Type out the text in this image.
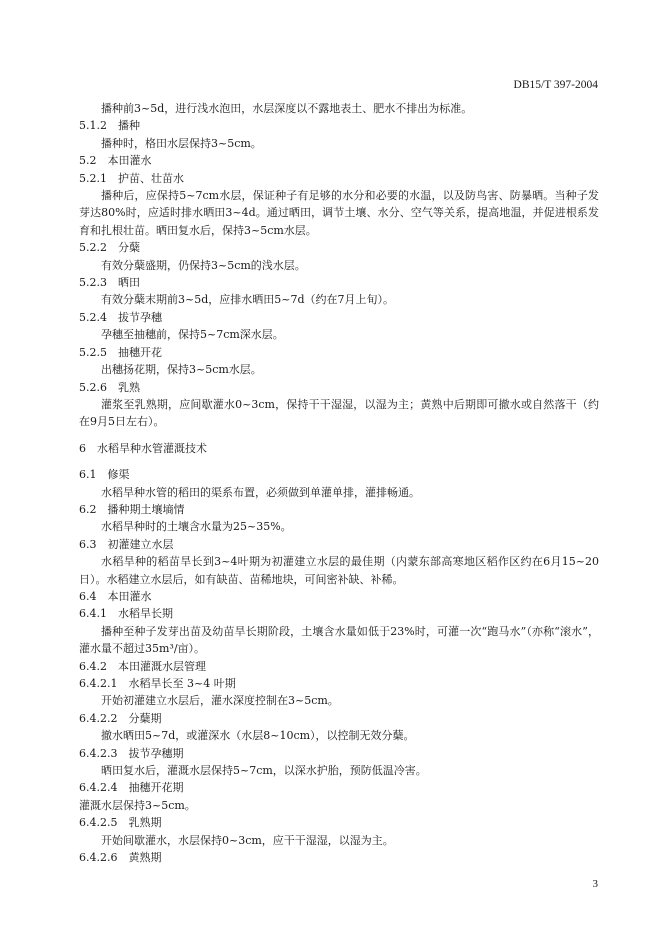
DB15/T 397-2004
播种前3~5d，进行浅水泡田，水层深度以不露地表土、肥水不排出为标准。
5.1.2　播种
播种时，格田水层保持3~5cm。
5.2　本田灌水
5.2.1　护苗、壮苗水
播种后，应保持5~7cm水层，保证种子有足够的水分和必要的水温，以及防鸟害、防暴晒。当种子发芽达80%时，应适时排水晒田3~4d。通过晒田，调节土壤、水分、空气等关系，提高地温，并促进根系发育和扎根壮苗。晒田复水后，保持3~5cm水层。
5.2.2　分蘖
有效分蘖盛期，仍保持3~5cm的浅水层。
5.2.3　晒田
有效分蘖末期前3~5d，应排水晒田5~7d（约在7月上旬）。
5.2.4　拔节孕穗
孕穗至抽穗前，保持5~7cm深水层。
5.2.5　抽穗开花
出穗扬花期，保持3~5cm水层。
5.2.6　乳熟
灌浆至乳熟期，应间歇灌水0~3cm，保持干干湿湿，以湿为主；黄熟中后期即可撤水或自然落干（约在9月5日左右）。
6　水稻旱种水管灌溉技术
6.1　修渠
水稻旱种水管的稻田的渠系布置，必须做到单灌单排，灌排畅通。
6.2　播种期土壤墒情
水稻旱种时的土壤含水量为25~35%。
6.3　初灌建立水层
水稻旱种的稻苗旱长到3~4叶期为初灌建立水层的最佳期（内蒙东部高寒地区稻作区约在6月15~20日）。水稻建立水层后，如有缺苗、苗稀地块，可间密补缺、补稀。
6.4　本田灌水
6.4.1　水稻旱长期
播种至种子发芽出苗及幼苗旱长期阶段，土壤含水量如低于23%时，可灌一次“跑马水”（亦称“滚水”，灌水量不超过35m³/亩）。
6.4.2　本田灌溉水层管理
6.4.2.1　水稻旱长至 3~4 叶期
开始初灌建立水层后，灌水深度控制在3~5cm。
6.4.2.2　分蘖期
撤水晒田5~7d，或灌深水（水层8~10cm），以控制无效分蘖。
6.4.2.3　拔节孕穗期
晒田复水后，灌溉水层保持5~7cm，以深水护胎，预防低温冷害。
6.4.2.4　抽穗开花期
灌溉水层保持3~5cm。
6.4.2.5　乳熟期
开始间歇灌水，水层保持0~3cm，应干干湿湿，以湿为主。
6.4.2.6　黄熟期
3
